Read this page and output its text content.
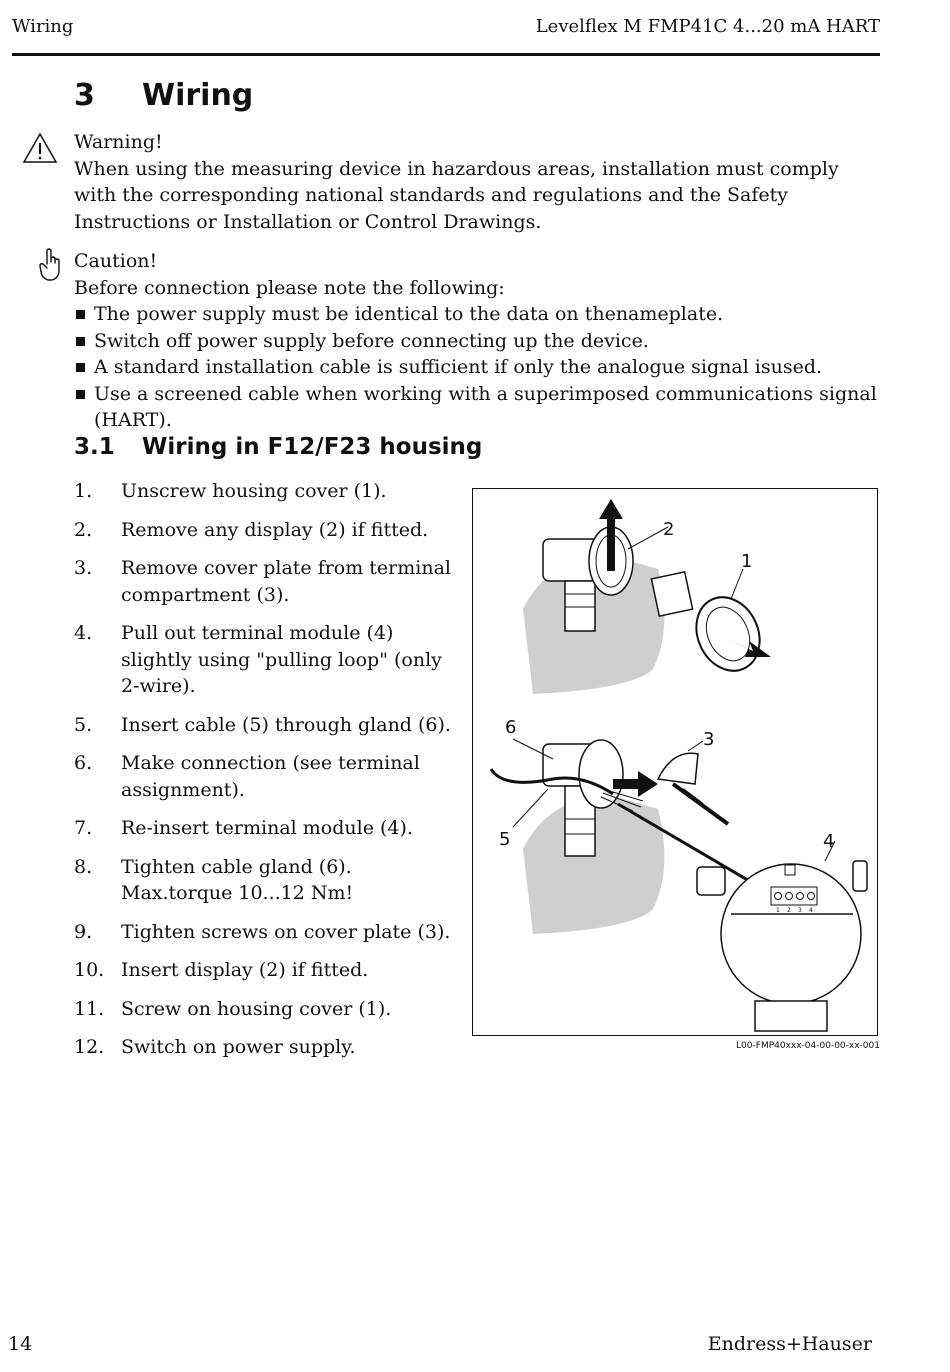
Wiring	Levelflex M FMP41C 4...20 mA HART
3 Wiring
Warning!
When using the measuring device in hazardous areas, installation must comply with the corresponding national standards and regulations and the Safety Instructions or Installation or Control Drawings.
Caution!
Before connection please note the following:
The power supply must be identical to the data on thenameplate.
Switch off power supply before connecting up the device.
A standard installation cable is sufficient if only the analogue signal isused.
Use a screened cable when working with a superimposed communications signal (HART).
3.1 Wiring in F12/F23 housing
1.	Unscrew housing cover (1).
2.	Remove any display (2) if fitted.
3.	Remove cover plate from terminal compartment (3).
4.	Pull out terminal module (4) slightly using "pulling loop" (only 2-wire).
5.	Insert cable (5) through gland (6).
6.	Make connection (see terminal assignment).
7.	Re-insert terminal module (4).
8.	Tighten cable gland (6).
Max.torque 10...12 Nm!
9.	Tighten screws on cover plate (3).
10. Insert display (2) if fitted.
11. Screw on housing cover (1).
12. Switch on power supply.
2
1
6
5
3
1 2 3 4
4
L00-FMP40xxx-04-00-00-xx-001
14	Endress+Hauser
